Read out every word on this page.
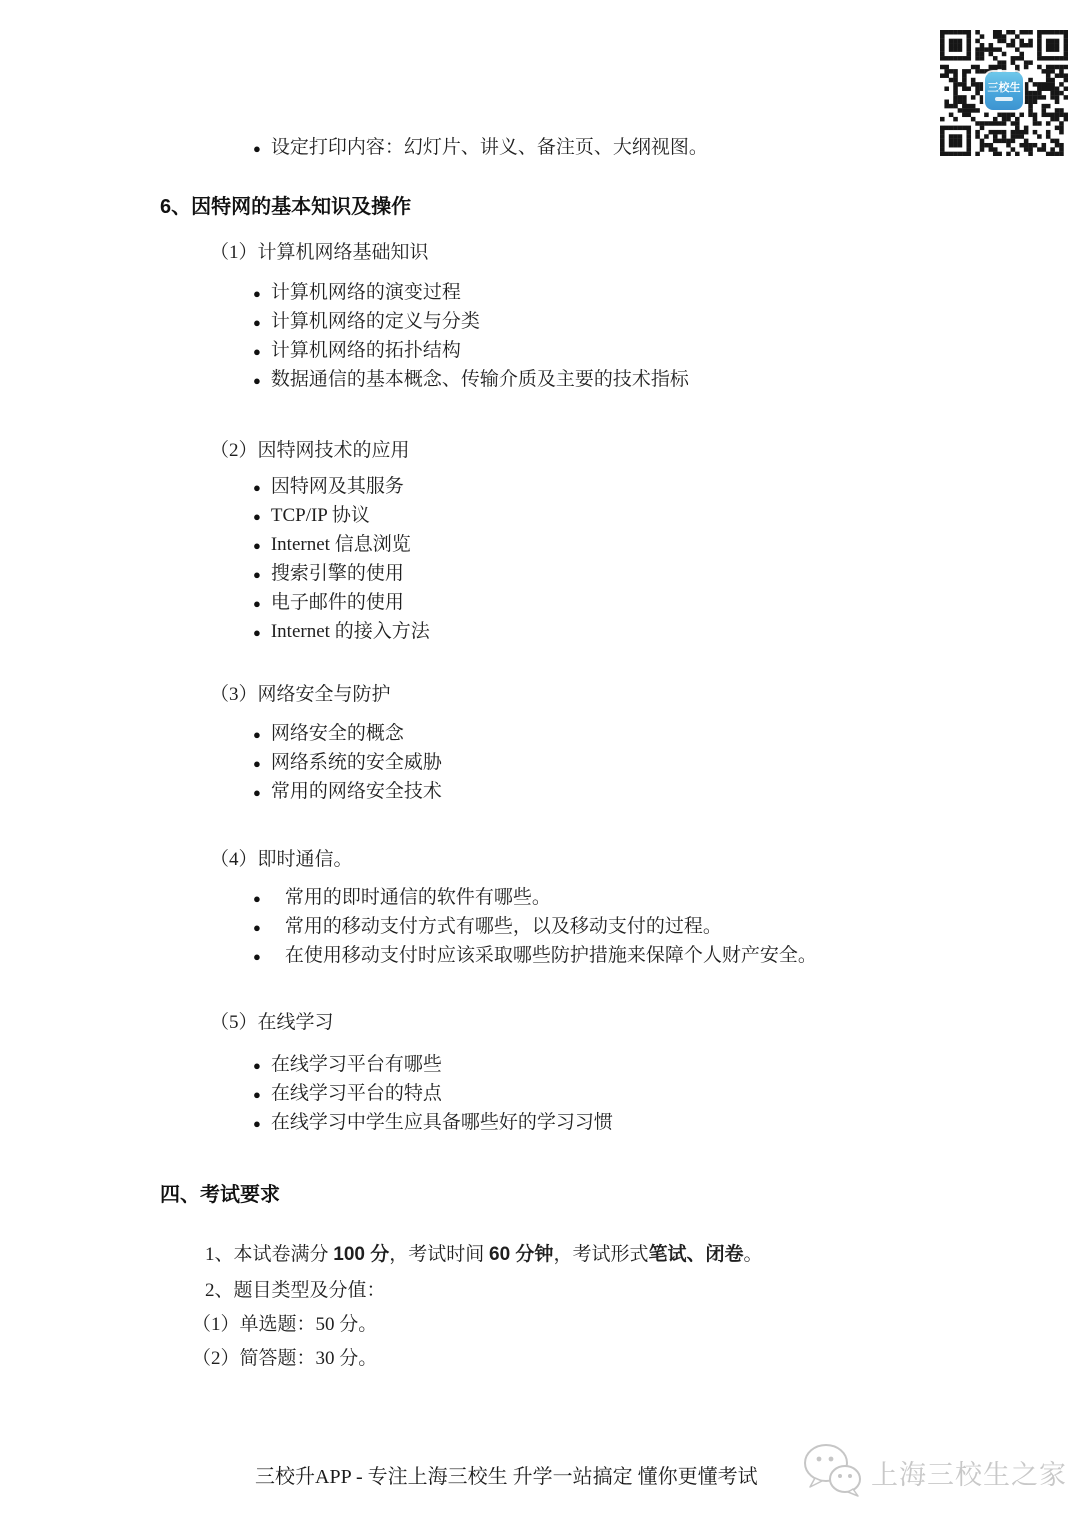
三校生
● 设定打印内容：幻灯片、讲义、备注页、大纲视图。
6、因特网的基本知识及操作
（1）计算机网络基础知识
● 计算机网络的演变过程
● 计算机网络的定义与分类
● 计算机网络的拓扑结构
● 数据通信的基本概念、传输介质及主要的技术指标
（2）因特网技术的应用
● 因特网及其服务
● TCP/IP 协议
● Internet 信息浏览
● 搜索引擎的使用
● 电子邮件的使用
● Internet 的接入方法
（3）网络安全与防护
● 网络安全的概念
● 网络系统的安全威胁
● 常用的网络安全技术
（4）即时通信。
● 常用的即时通信的软件有哪些。
● 常用的移动支付方式有哪些，以及移动支付的过程。
● 在使用移动支付时应该采取哪些防护措施来保障个人财产安全。
（5）在线学习
● 在线学习平台有哪些
● 在线学习平台的特点
● 在线学习中学生应具备哪些好的学习习惯
四、考试要求
1、本试卷满分 100 分，考试时间 60 分钟，考试形式笔试、闭卷。
2、题目类型及分值：
（1）单选题：50 分。
（2）简答题：30 分。
三校升APP - 专注上海三校生 升学一站搞定 懂你更懂考试	上海三校生之家
